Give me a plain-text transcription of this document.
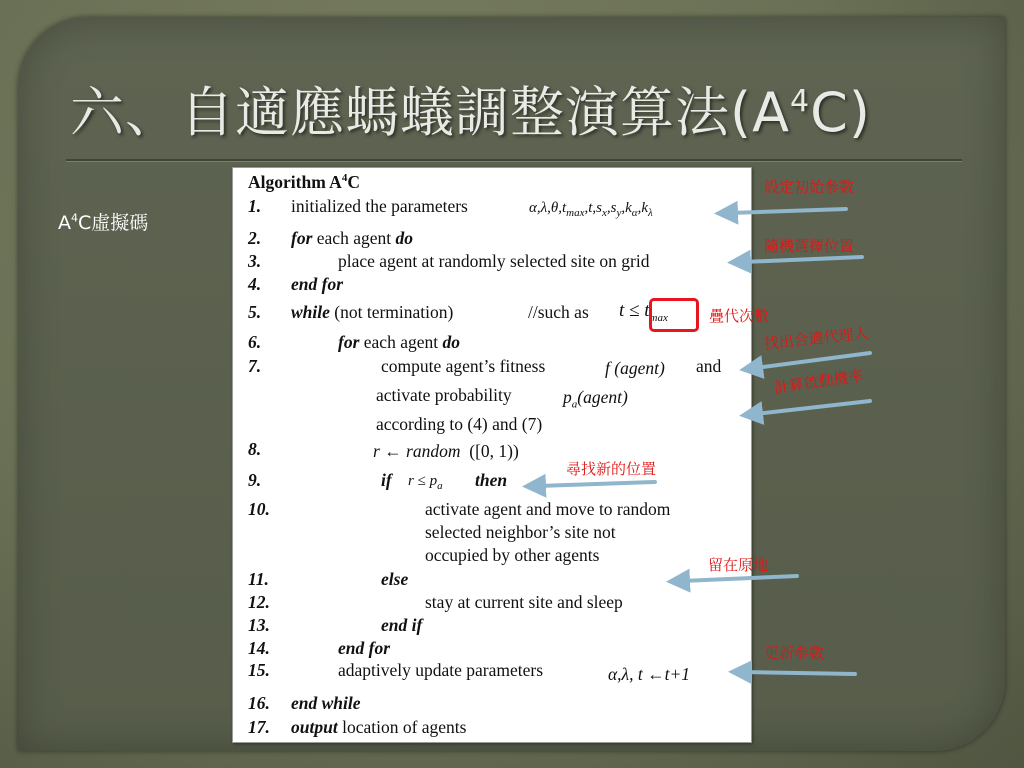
六、自適應螞蟻調整演算法$(A^4C)$
$A^4C$虛擬碼
Algorithm $A^4C$
1. initialized the parameters	$\alpha,\lambda,\theta,t_{max},t,s_x,s_y,k_\alpha,k_\lambda$
2. for each agent do
3.	place agent at randomly selected site on grid
4. end for
5. while (not termination)	//such as $t \le t_{max}$
6.	for each agent do
7.	compute agent’s fitness	f (agent) and
activate probability	$p_a(agent)$
according to (4) and (7)
8.	r ← random ([0, 1))
9.	if $r \le p_a$ then
10.	activate agent and move to random
selected neighbor’s site not
occupied by other agents
11.	else
12.	stay at current site and sleep
13.	end if
14.	end for
15.	adaptively update parameters	α,λ, t ←t+1
16. end while
17. output location of agents
設定初始參數
隨機選擇位置
疊代次數
找出合適代理人
計算啟動機率
尋找新的位置
留在原地
更新參數
